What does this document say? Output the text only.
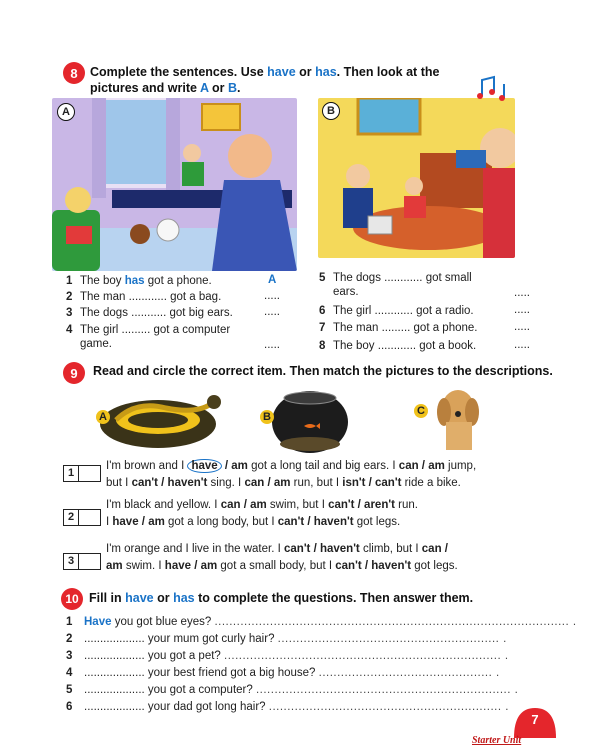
8 Complete the sentences. Use have or has. Then look at the
pictures and write A or B.
A	B
1 The boy has got a phone.	A
2 The man ............ got a bag.	.....
3 The dogs ........... got big ears.	.....
4 The girl ......... got a computer
game.	.....
5 The dogs ............ got small
ears.	.....
6 The girl ............ got a radio.	.....
7 The man ......... got a phone.	.....
8 The boy ............ got a book.	.....
9	Read and circle the correct item. Then match the pictures to the descriptions.
A	B	C
1
I'm brown and I have / am got a long tail and big ears. I can / am jump,
but I can't / haven't sing. I can / am run, but I isn't / can't ride a bike.
2
I'm black and yellow. I can / am swim, but I can't / aren't run.
I have / am got a long body, but I can't / haven't got legs.
3
I'm orange and I live in the water. I can't / haven't climb, but I can /
am swim. I have / am got a small body, but I can't / haven't got legs.
10 Fill in have or has to complete the questions. Then answer them.
1 Have you got blue eyes? ................................................................................................ .
2 ................... your mum got curly hair? ............................................................ .
3 ................... you got a pet? ........................................................................... .
4 ................... your best friend got a big house? ............................................... .
5 ................... you got a computer? ..................................................................... .
6 ................... your dad got long hair? ............................................................... .
7
Starter Unit
